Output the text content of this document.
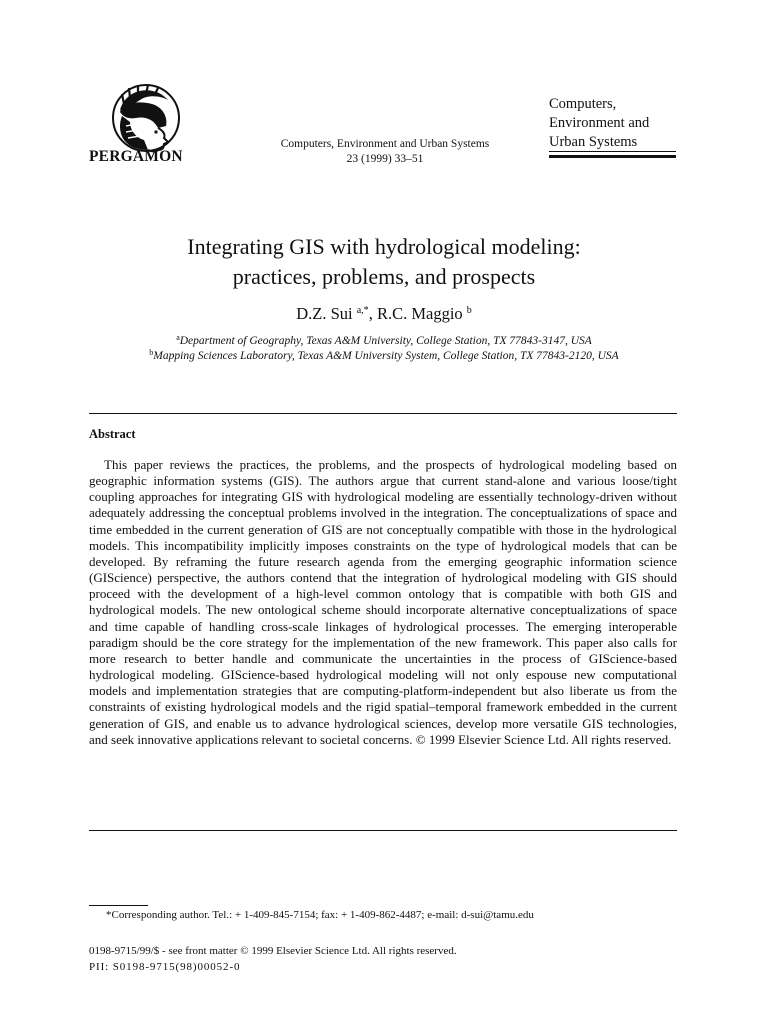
PERGAMON
Computers, Environment and Urban Systems
23 (1999) 33–51
Computers,
Environment and
Urban Systems
Integrating GIS with hydrological modeling:
practices, problems, and prospects
D.Z. Sui $^{a,*}$, R.C. Maggio $^b$
$^a$Department of Geography, Texas A&M University, College Station, TX 77843-3147, USA
$^b$Mapping Sciences Laboratory, Texas A&M University System, College Station, TX 77843-2120, USA
Abstract
This paper reviews the practices, the problems, and the prospects of hydrological modeling based on geographic information systems (GIS). The authors argue that current stand-alone and various loose/tight coupling approaches for integrating GIS with hydrological modeling are essentially technology-driven without adequately addressing the conceptual problems involved in the integration. The conceptualizations of space and time embedded in the current generation of GIS are not conceptually compatible with those in the hydrological models. This incompatibility implicitly imposes constraints on the type of hydrological models that can be developed. By reframing the future research agenda from the emerging geographic information science (GIScience) perspective, the authors contend that the integration of hydrological modeling with GIS should proceed with the development of a high-level common ontology that is compatible with both GIS and hydrological models. The new ontological scheme should incorporate alternative conceptualizations of space and time capable of handling cross-scale linkages of hydrological processes. The emerging interoperable paradigm should be the core strategy for the implementation of the new framework. This paper also calls for more research to better handle and communicate the uncertainties in the process of GIScience-based hydrological modeling. GIScience-based hydrological modeling will not only espouse new computational models and implementation strategies that are computing-platform-independent but also liberate us from the constraints of existing hydrological models and the rigid spatial–temporal framework embedded in the current generation of GIS, and enable us to advance hydrological sciences, develop more versatile GIS technologies, and seek innovative applications relevant to societal concerns. © 1999 Elsevier Science Ltd. All rights reserved.
*Corresponding author. Tel.: + 1-409-845-7154; fax: + 1-409-862-4487; e-mail: d-sui@tamu.edu
0198-9715/99/$ - see front matter © 1999 Elsevier Science Ltd. All rights reserved.
PII: S0198-9715(98)00052-0
